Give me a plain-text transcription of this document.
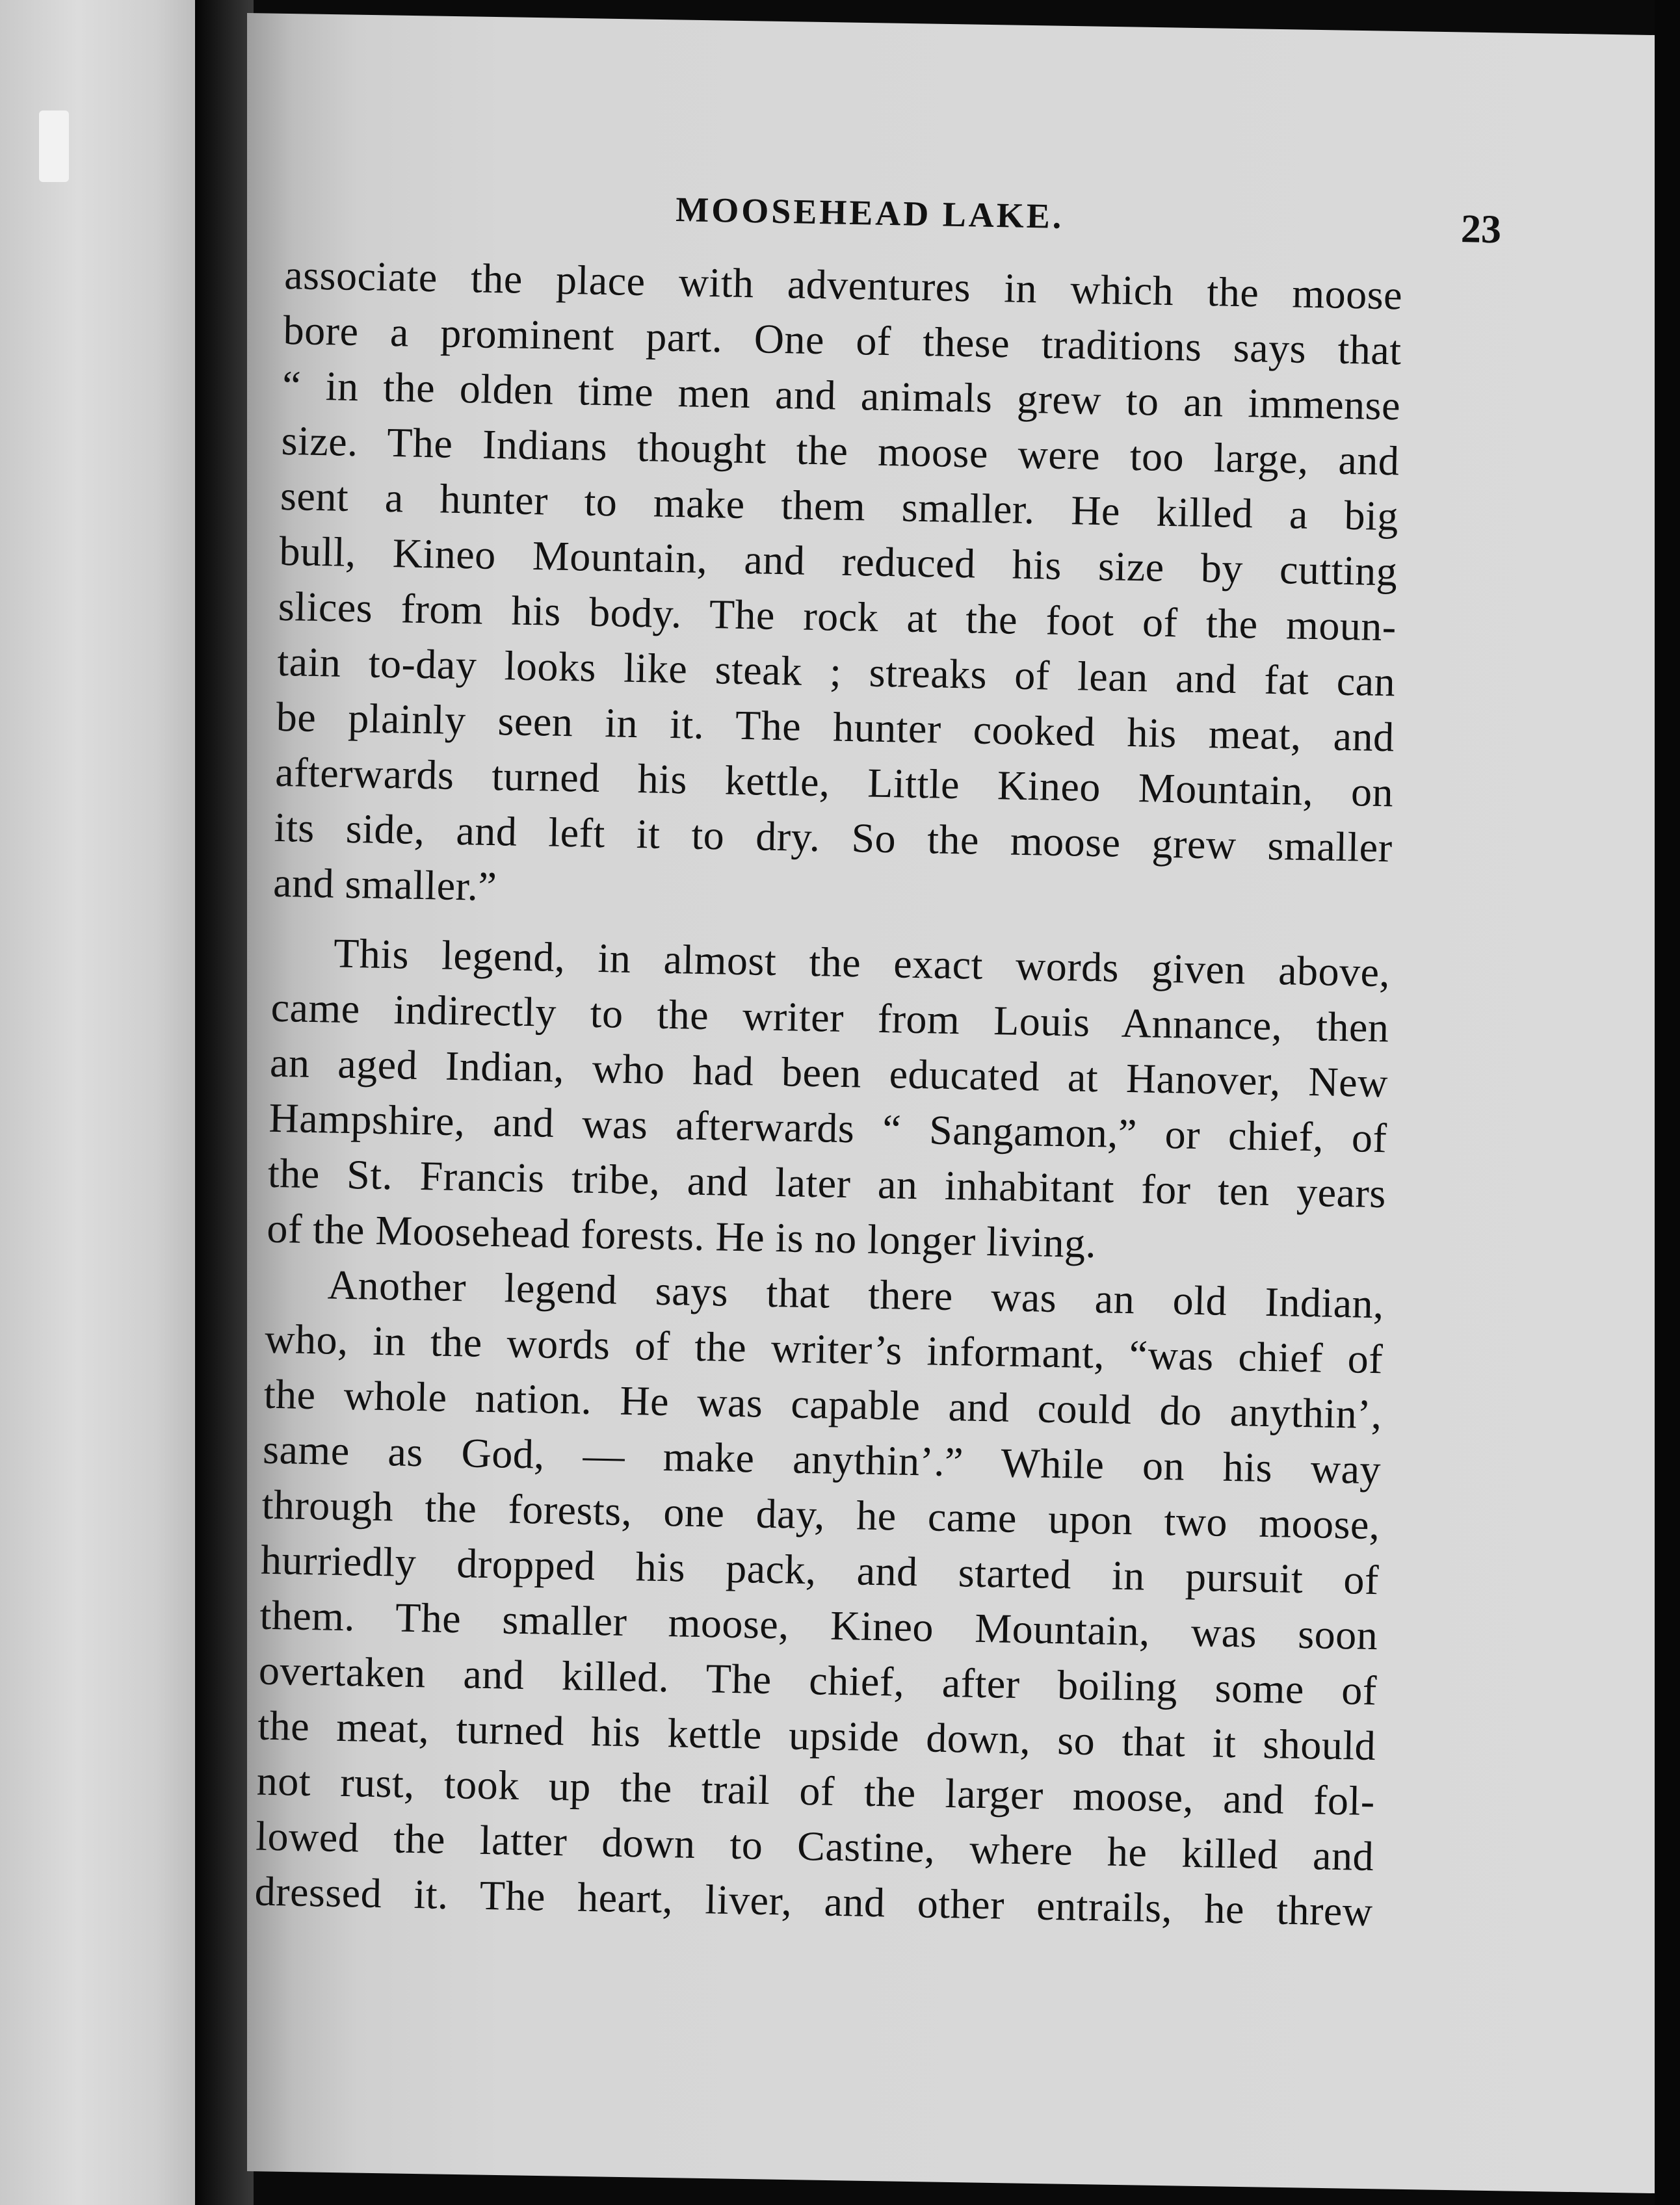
MOOSEHEAD LAKE.	23
associate the place with adventures in which the moose
bore a prominent part. One of these traditions says that
“ in the olden time men and animals grew to an immense
size. The Indians thought the moose were too large, and
sent a hunter to make them smaller. He killed a big
bull, Kineo Mountain, and reduced his size by cutting
slices from his body. The rock at the foot of the moun-
tain to-day looks like steak ; streaks of lean and fat can
be plainly seen in it. The hunter cooked his meat, and
afterwards turned his kettle, Little Kineo Mountain, on
its side, and left it to dry. So the moose grew smaller
and smaller.”
This legend, in almost the exact words given above,
came indirectly to the writer from Louis Annance, then
an aged Indian, who had been educated at Hanover, New
Hampshire, and was afterwards “ Sangamon,” or chief, of
the St. Francis tribe, and later an inhabitant for ten years
of the Moosehead forests. He is no longer living.
Another legend says that there was an old Indian,
who, in the words of the writer’s informant, “was chief of
the whole nation. He was capable and could do anythin’,
same as God, — make anythin’.” While on his way
through the forests, one day, he came upon two moose,
hurriedly dropped his pack, and started in pursuit of
them. The smaller moose, Kineo Mountain, was soon
overtaken and killed. The chief, after boiling some of
the meat, turned his kettle upside down, so that it should
not rust, took up the trail of the larger moose, and fol-
lowed the latter down to Castine, where he killed and
dressed it. The heart, liver, and other entrails, he threw
